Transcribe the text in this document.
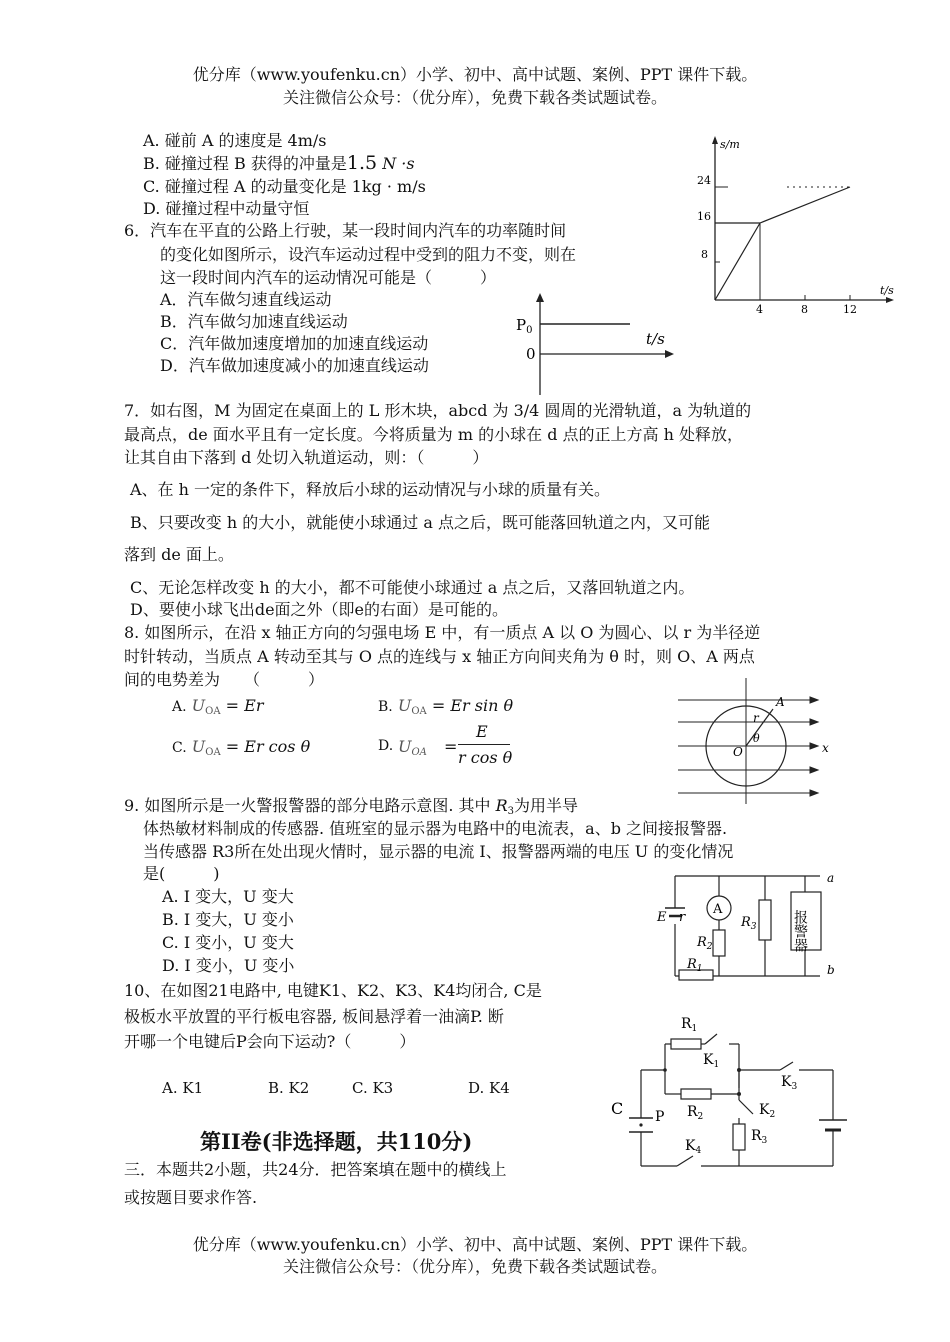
优分库（www.youfenku.cn）小学、初中、高中试题、案例、PPT 课件下载。
关注微信公众号：（优分库），免费下载各类试题试卷。
A. 碰前 A 的速度是 4m/s
B. 碰撞过程 B 获得的冲量是1.5 N ·s
C. 碰撞过程 A 的动量变化是 1kg · m/s
D. 碰撞过程中动量守恒
s/m
t/s
24
16
8
4	8	12
6．汽车在平直的公路上行驶，某一段时间内汽车的功率随时间
的变化如图所示，设汽车运动过程中受到的阻力不变，则在
这一段时间内汽车的运动情况可能是（　　　）
A．汽车做匀速直线运动
B．汽车做匀加速直线运动
C．汽年做加速度增加的加速直线运动
D．汽车做加速度减小的加速直线运动
$P_0$
0
t/s
7．如右图，M 为固定在桌面上的 L 形木块，abcd 为 3/4 圆周的光滑轨道，a 为轨道的
最高点，de 面水平且有一定长度。今将质量为 m 的小球在 d 点的正上方高 h 处释放，
让其自由下落到 d 处切入轨道运动，则：（　　　）
A、在 h 一定的条件下，释放后小球的运动情况与小球的质量有关。
B、只要改变 h 的大小，就能使小球通过 a 点之后，既可能落回轨道之内，又可能
落到 de 面上。
C、无论怎样改变 h 的大小，都不可能使小球通过 a 点之后，又落回轨道之内。
D、要使小球飞出de面之外（即e的右面）是可能的。
8. 如图所示，在沿 x 轴正方向的匀强电场 E 中，有一质点 A 以 O 为圆心、以 r 为半径逆
时针转动，当质点 A 转动至其与 O 点的连线与 x 轴正方向间夹角为 θ 时，则 O、A 两点
间的电势差为　　（　　　）
A. $U_{OA} = Er$	B. $U_{OA} = Er$ sin θ
C. $U_{OA} = Er$ cos θ	D. $U_{OA}$ =
E
r cos θ
A
r
θ
O	x
9. 如图所示是一火警报警器的部分电路示意图. 其中 $R_3$为用半导
体热敏材料制成的传感器. 值班室的显示器为电路中的电流表，a、b 之间接报警器.
当传感器 R3所在处出现火情时，显示器的电流 I、报警器两端的电压 U 的变化情况
是(　　　)
A. I 变大，U 变大
B. I 变大，U 变小
C. I 变小，U 变大
D. I 变小，U 变小
A
E r
$R_2$
$R_3$
$R_1$
a
b
报警器
10、在如图21电路中, 电键K1、K2、K3、K4均闭合, C是
极板水平放置的平行板电容器, 板间悬浮着一油滴P. 断
开哪一个电键后P会向下运动?（　　　）
A. K1	B. K2	C. K3	D. K4
$R_1$
$K_1$
$R_2$
$K_3$
$K_2$
$R_3$
$K_4$
C P
第II卷(非选择题，共110分)
三．本题共2小题，共24分．把答案填在题中的横线上
或按题目要求作答.
优分库（www.youfenku.cn）小学、初中、高中试题、案例、PPT 课件下载。
关注微信公众号：（优分库），免费下载各类试题试卷。
